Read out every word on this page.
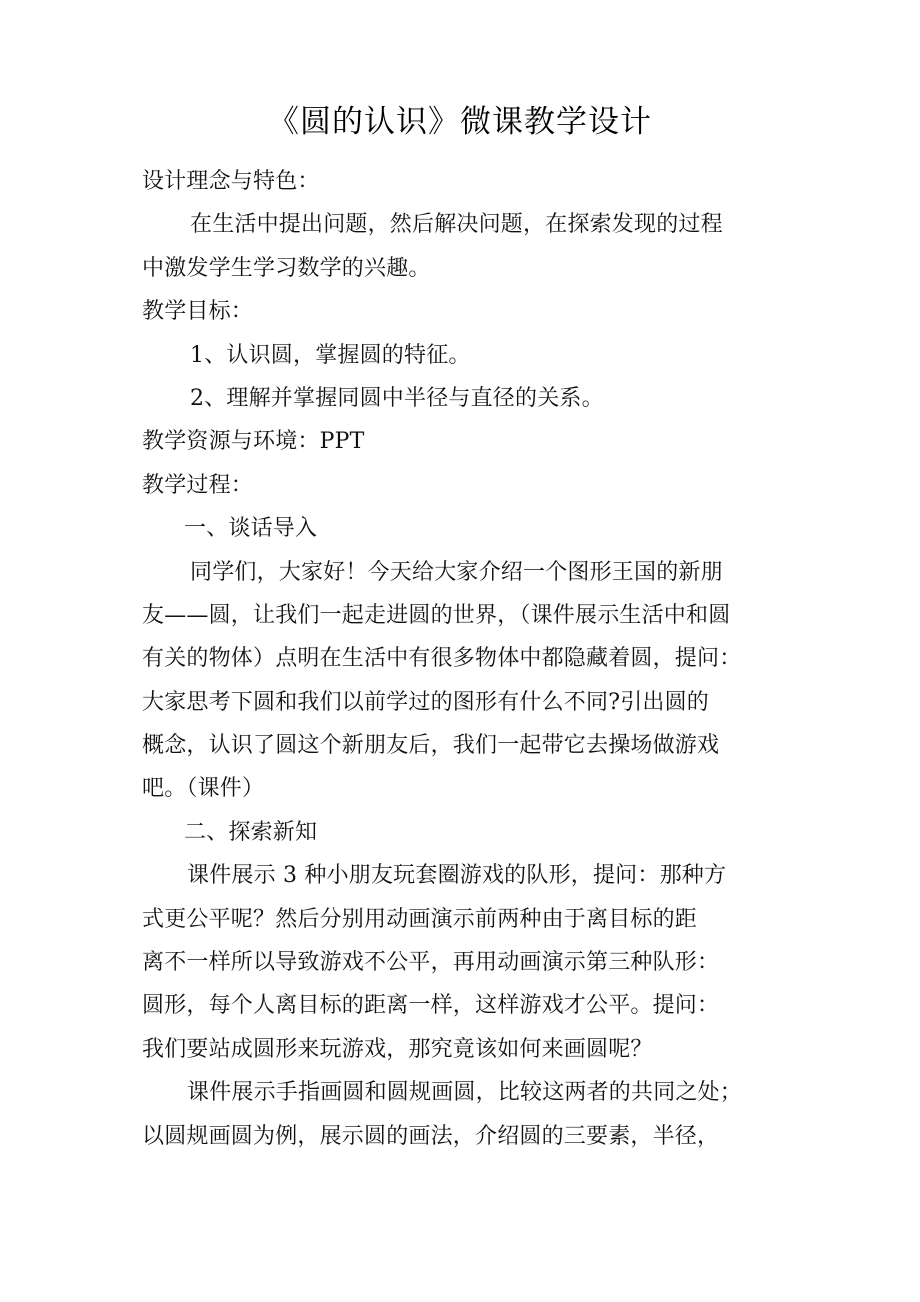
《圆的认识》微课教学设计
设计理念与特色：
在生活中提出问题，然后解决问题，在探索发现的过程
中激发学生学习数学的兴趣。
教学目标：
1、认识圆，掌握圆的特征。
2、理解并掌握同圆中半径与直径的关系。
教学资源与环境：PPT
教学过程：
一、谈话导入
同学们，大家好！今天给大家介绍一个图形王国的新朋
友——圆，让我们一起走进圆的世界，（课件展示生活中和圆
有关的物体）点明在生活中有很多物体中都隐藏着圆，提问：
大家思考下圆和我们以前学过的图形有什么不同?引出圆的
概念，认识了圆这个新朋友后，我们一起带它去操场做游戏
吧。（课件）
二、探索新知
课件展示 3 种小朋友玩套圈游戏的队形，提问：那种方
式更公平呢？然后分别用动画演示前两种由于离目标的距
离不一样所以导致游戏不公平，再用动画演示第三种队形：
圆形，每个人离目标的距离一样，这样游戏才公平。提问：
我们要站成圆形来玩游戏，那究竟该如何来画圆呢？
课件展示手指画圆和圆规画圆，比较这两者的共同之处；
以圆规画圆为例，展示圆的画法，介绍圆的三要素，半径，
